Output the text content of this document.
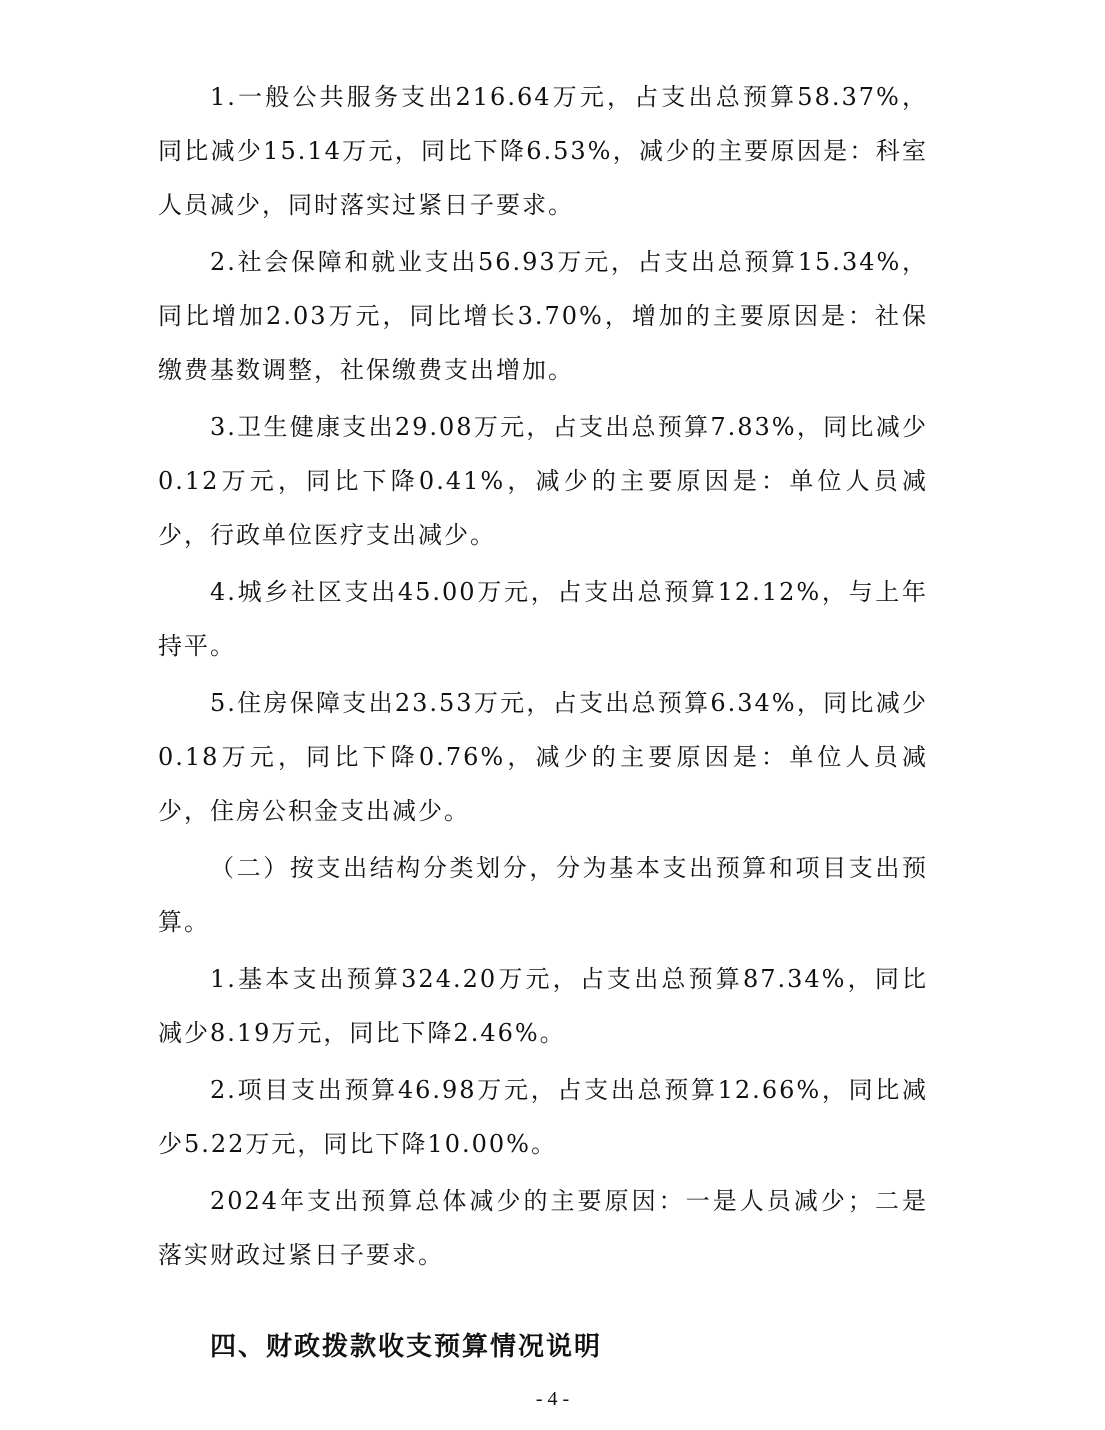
1.一般公共服务支出216.64万元，占支出总预算58.37%，同比减少15.14万元，同比下降6.53%，减少的主要原因是：科室人员减少，同时落实过紧日子要求。

2.社会保障和就业支出56.93万元，占支出总预算15.34%，同比增加2.03万元，同比增长3.70%，增加的主要原因是：社保缴费基数调整，社保缴费支出增加。

3.卫生健康支出29.08万元，占支出总预算7.83%，同比减少0.12万元，同比下降0.41%，减少的主要原因是：单位人员减少，行政单位医疗支出减少。

4.城乡社区支出45.00万元，占支出总预算12.12%，与上年持平。

5.住房保障支出23.53万元，占支出总预算6.34%，同比减少0.18万元，同比下降0.76%，减少的主要原因是：单位人员减少，住房公积金支出减少。

（二）按支出结构分类划分，分为基本支出预算和项目支出预算。

1.基本支出预算324.20万元，占支出总预算87.34%，同比减少8.19万元，同比下降2.46%。

2.项目支出预算46.98万元，占支出总预算12.66%，同比减少5.22万元，同比下降10.00%。

2024年支出预算总体减少的主要原因：一是人员减少；二是落实财政过紧日子要求。

四、财政拨款收支预算情况说明
- 4 -
